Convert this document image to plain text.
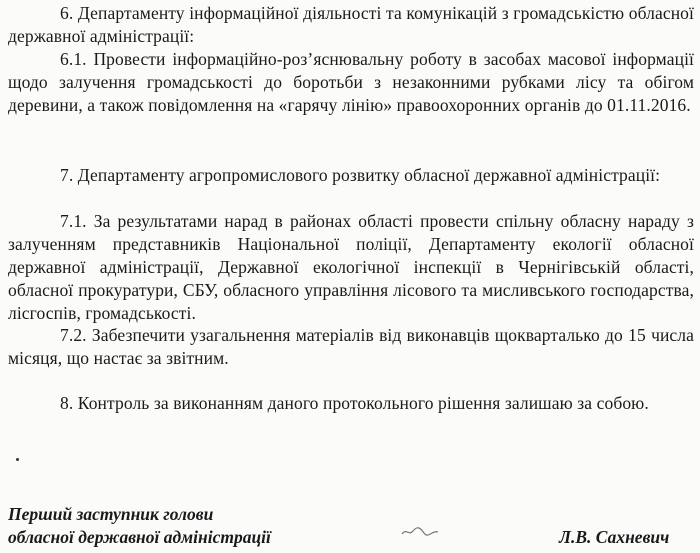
6. Департаменту інформаційної діяльності та комунікацій з громадськістю обласної державної адміністрації:
6.1. Провести інформаційно-роз’яснювальну роботу в засобах масової інформації щодо залучення громадськості до боротьби з незаконними рубками лісу та обігом деревини, а також повідомлення на «гарячу лінію» правоохоронних органів до 01.11.2016.
7. Департаменту агропромислового розвитку обласної державної адміністрації:
7.1. За результатами нарад в районах області провести спільну обласну нараду з залученням представників Національної поліції, Департаменту екології обласної державної адміністрації, Державної екологічної інспекції в Чернігівській області, обласної прокуратури, СБУ, обласного управління лісового та мисливського господарства, лісгоспів, громадськості.
7.2. Забезпечити узагальнення матеріалів від виконавців щокварталько до 15 числа місяця, що настає за звітним.
8. Контроль за виконанням даного протокольного рішення залишаю за собою.
Перший заступник голови
обласної державної адміністрації	Л.В. Сахневич
